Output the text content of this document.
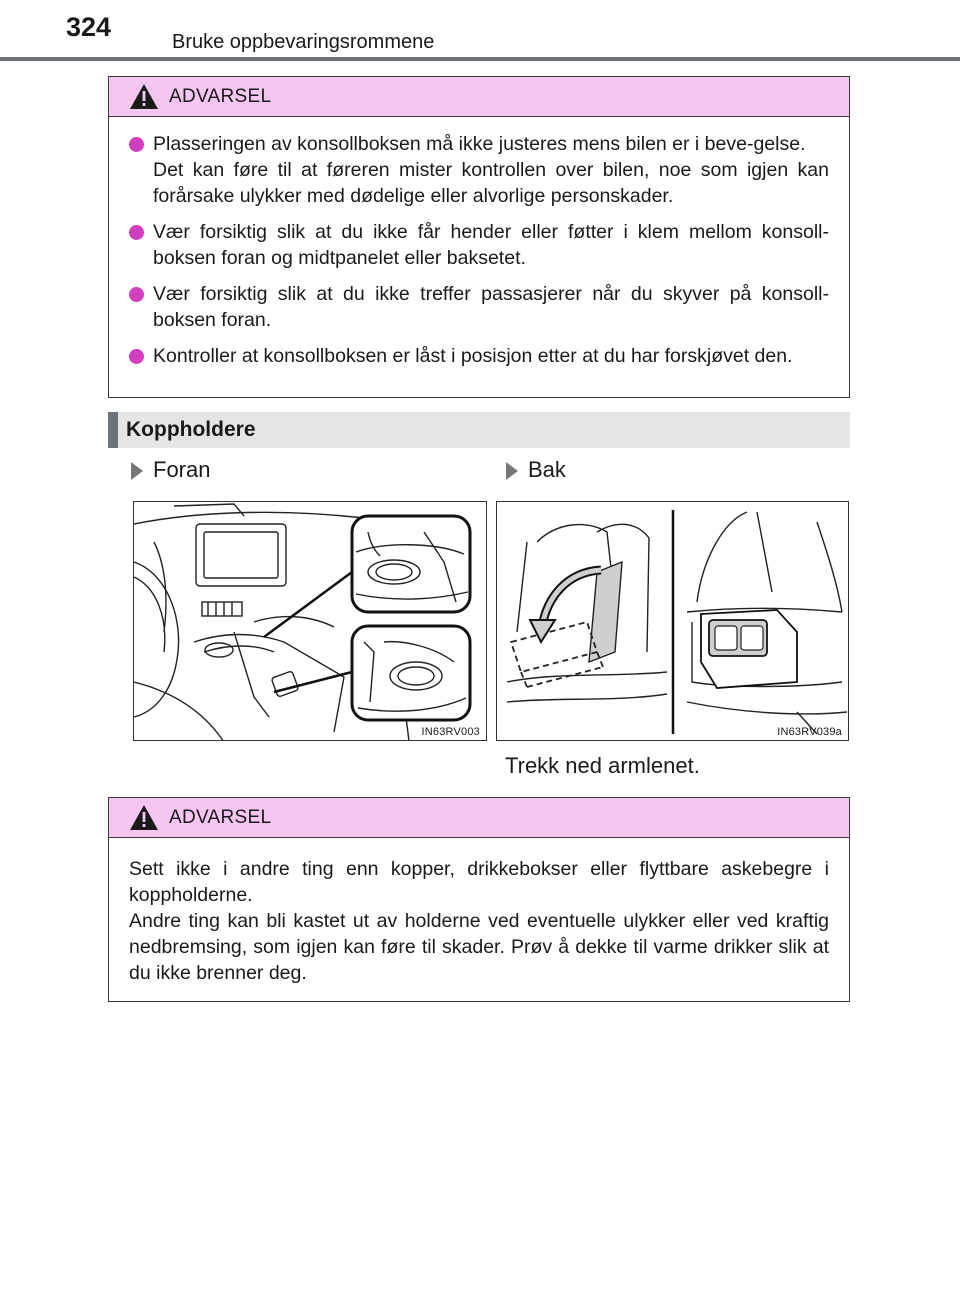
324	Bruke oppbevaringsrommene
ADVARSEL
Plasseringen av konsollboksen må ikke justeres mens bilen er i beve-gelse.
Det kan føre til at føreren mister kontrollen over bilen, noe som igjen kan forårsake ulykker med dødelige eller alvorlige personskader.
Vær forsiktig slik at du ikke får hender eller føtter i klem mellom konsoll-boksen foran og midtpanelet eller baksetet.
Vær forsiktig slik at du ikke treffer passasjerer når du skyver på konsoll-boksen foran.
Kontroller at konsollboksen er låst i posisjon etter at du har forskjøvet den.
Koppholdere
Foran	Bak
IN63RV003	IN63RV039a
Trekk ned armlenet.
ADVARSEL

Sett ikke i andre ting enn kopper, drikkebokser eller flyttbare askebegre i koppholderne.

Andre ting kan bli kastet ut av holderne ved eventuelle ulykker eller ved kraftig nedbremsing, som igjen kan føre til skader. Prøv å dekke til varme drikker slik at du ikke brenner deg.
